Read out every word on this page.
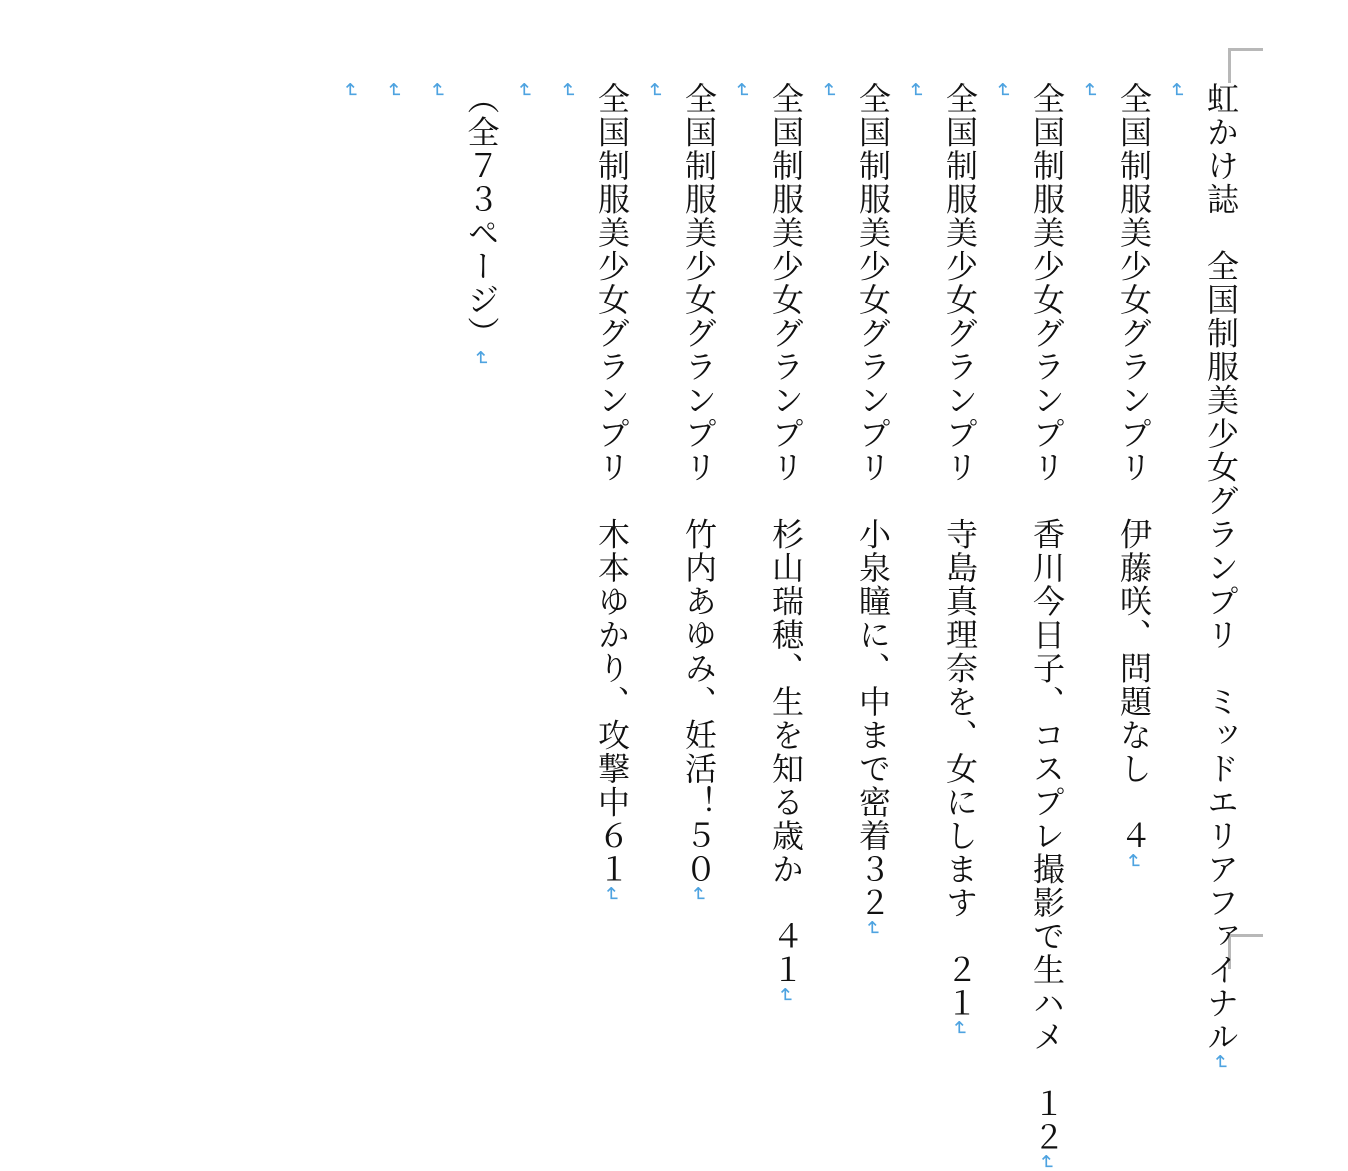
虹かけ誌　全国制服美少女グランプリ　ミッドエリアファイナル↵

↵

全国制服美少女グランプリ　伊藤咲、問題なし　４↵

↵

全国制服美少女グランプリ　香川今日子、コスプレ撮影で生ハメ　１２↵

↵

全国制服美少女グランプリ　寺島真理奈を、女にします　２１↵

↵

全国制服美少女グランプリ　小泉瞳に、中まで密着３２↵

↵

全国制服美少女グランプリ　杉山瑞穂、生を知る歳か　４１↵

↵

全国制服美少女グランプリ　竹内あゆみ、妊活！５０↵

↵

全国制服美少女グランプリ　木本ゆかり、攻撃中６１↵

↵

↵

（全７３ページ）↵

↵

↵

↵
